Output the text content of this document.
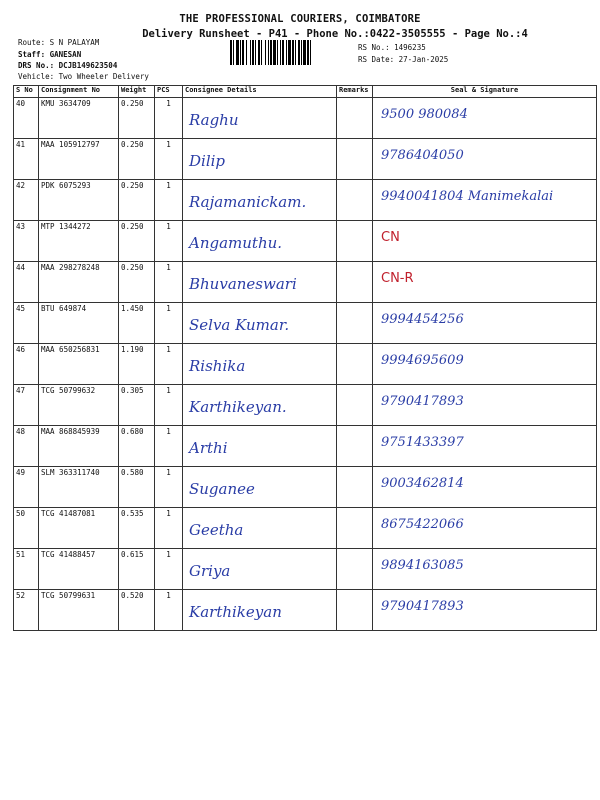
THE PROFESSIONAL COURIERS, COIMBATORE
Delivery Runsheet - P41 - Phone No.:0422-3505555 - Page No.:4
Route: S N PALAYAM
Staff: GANESAN
DRS No.: DCJB149623504
Vehicle: Two Wheeler Delivery
RS No.: 1496235
RS Date: 27-Jan-2025
S No	Consignment No	Weight	PCS	Consignee Details	Remarks	Seal & Signature
40	KMU 3634709	0.250	1	Raghu		9500 980084

41	MAA 105912797	0.250	1	Dilip		9786404050

42	PDK 6075293	0.250	1	Rajamanickam.		9940041804 Manimekalai

43	MTP 1344272	0.250	1	Angamuthu.		CN

44	MAA 298278248	0.250	1	Bhuvaneswari		CN-R

45	BTU 649874	1.450	1	Selva Kumar.		9994454256

46	MAA 650256831	1.190	1	Rishika		9994695609

47	TCG 50799632	0.305	1	Karthikeyan.		9790417893

48	MAA 868845939	0.680	1	Arthi		9751433397

49	SLM 363311740	0.580	1	Suganee		9003462814

50	TCG 41487081	0.535	1	Geetha		8675422066

51	TCG 41488457	0.615	1	Griya		9894163085

52	TCG 50799631	0.520	1	Karthikeyan		9790417893
